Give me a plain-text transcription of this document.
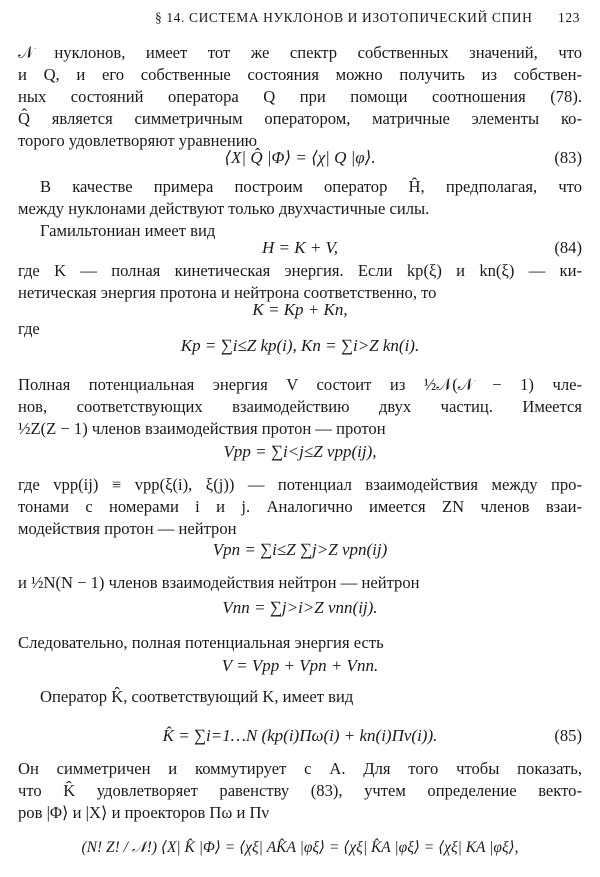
§ 14. СИСТЕМА НУКЛОНОВ И ИЗОТОПИЧЕСКИЙ СПИН 123
𝒩 нуклонов, имеет тот же спектр собственных значений, что
и Q, и его собственные состояния можно получить из собствен-
ных состояний оператора Q при помощи соотношения (78).
Q̂ является симметричным оператором, матричные элементы ко-
торого удовлетворяют уравнению
⟨X| Q̂ |Φ⟩ = ⟨χ| Q |φ⟩.	(83)
В качестве примера построим оператор Ĥ, предполагая, что
между нуклонами действуют только двухчастичные силы.
Гамильтониан имеет вид
H = K + V,	(84)
где K — полная кинетическая энергия. Если kp(ξ) и kn(ξ) — ки-
нетическая энергия протона и нейтрона соответственно, то
K = Kp + Kn,
где
Kp = ∑i≤Z kp(i), Kn = ∑i>Z kn(i).
Полная потенциальная энергия V состоит из ½𝒩(𝒩 − 1) чле-
нов, соответствующих взаимодействию двух частиц. Имеется
½Z(Z − 1) членов взаимодействия протон — протон
Vpp = ∑i<j≤Z vpp(ij),
где vpp(ij) ≡ vpp(ξ(i), ξ(j)) — потенциал взаимодействия между про-
тонами с номерами i и j. Аналогично имеется ZN членов взаи-
модействия протон — нейтрон
Vpn = ∑i≤Z ∑j>Z vpn(ij)
и ½N(N − 1) членов взаимодействия нейтрон — нейтрон
Vnn = ∑j>i>Z vnn(ij).
Следовательно, полная потенциальная энергия есть
V = Vpp + Vpn + Vnn.
Оператор K̂, соответствующий K, имеет вид
K̂ = ∑i=1…N (kp(i)Πω(i) + kn(i)Πν(i)).	(85)
Он симметричен и коммутирует с A. Для того чтобы показать,
что K̂ удовлетворяет равенству (83), учтем определение векто-
ров |Φ⟩ и |X⟩ и проекторов Πω и Πν
(N! Z! / 𝒩!) ⟨X| K̂ |Φ⟩ = ⟨χξ| AK̂A |φξ⟩ = ⟨χξ| K̂A |φξ⟩ = ⟨χξ| KA |φξ⟩,
